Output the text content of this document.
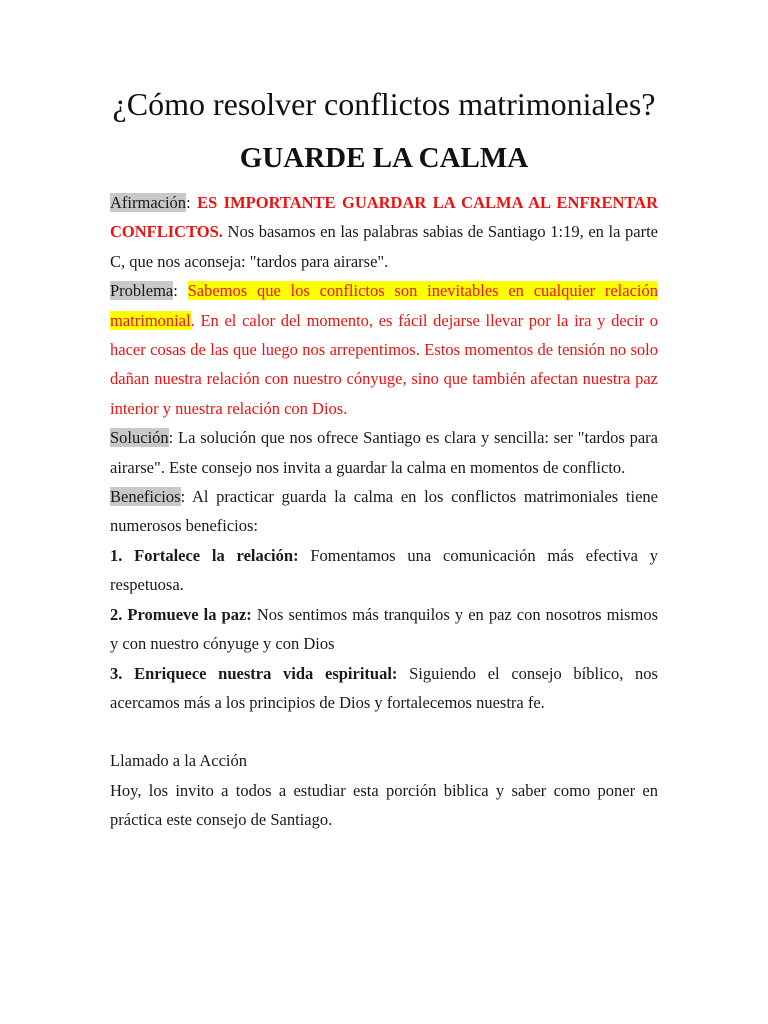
¿Cómo resolver conflictos matrimoniales?
GUARDE LA CALMA

Afirmación: ES IMPORTANTE GUARDAR LA CALMA AL ENFRENTAR CONFLICTOS. Nos basamos en las palabras sabias de Santiago 1:19, en la parte C, que nos aconseja: "tardos para airarse".

Problema: Sabemos que los conflictos son inevitables en cualquier relación matrimonial. En el calor del momento, es fácil dejarse llevar por la ira y decir o hacer cosas de las que luego nos arrepentimos. Estos momentos de tensión no solo dañan nuestra relación con nuestro cónyuge, sino que también afectan nuestra paz interior y nuestra relación con Dios.

Solución: La solución que nos ofrece Santiago es clara y sencilla: ser "tardos para airarse". Este consejo nos invita a guardar la calma en momentos de conflicto.

Beneficios: Al practicar guarda la calma en los conflictos matrimoniales tiene numerosos beneficios:

1. Fortalece la relación: Fomentamos una comunicación más efectiva y respetuosa.

2. Promueve la paz: Nos sentimos más tranquilos y en paz con nosotros mismos y con nuestro cónyuge y con Dios

3. Enriquece nuestra vida espiritual: Siguiendo el consejo bíblico, nos acercamos más a los principios de Dios y fortalecemos nuestra fe.

Llamado a la Acción

Hoy, los invito a todos a estudiar esta porción biblica y saber como poner en práctica este consejo de Santiago.
